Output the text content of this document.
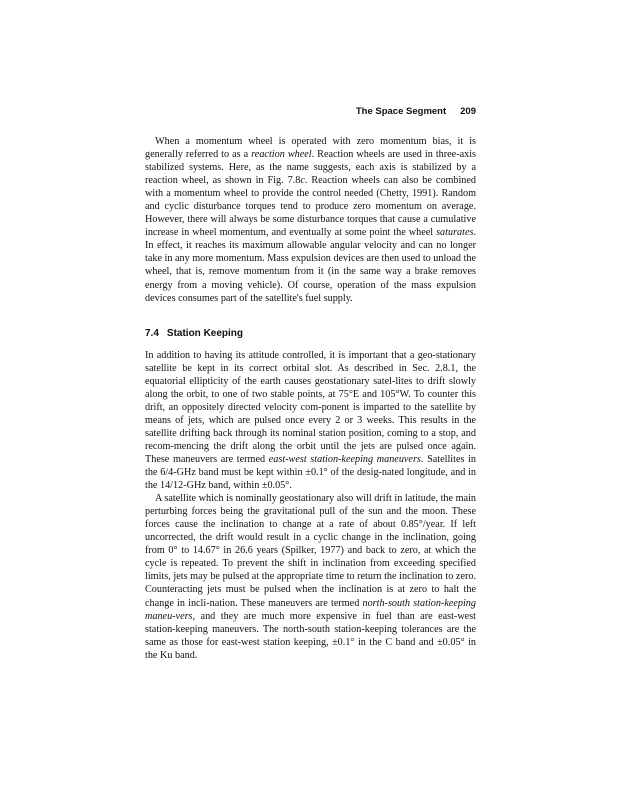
The Space Segment 209

When a momentum wheel is operated with zero momentum bias, it is generally referred to as a reaction wheel. Reaction wheels are used in three-axis stabilized systems. Here, as the name suggests, each axis is stabilized by a reaction wheel, as shown in Fig. 7.8c. Reaction wheels can also be combined with a momentum wheel to provide the control needed (Chetty, 1991). Random and cyclic disturbance torques tend to produce zero momentum on average. However, there will always be some disturbance torques that cause a cumulative increase in wheel momentum, and eventually at some point the wheel saturates. In effect, it reaches its maximum allowable angular velocity and can no longer take in any more momentum. Mass expulsion devices are then used to unload the wheel, that is, remove momentum from it (in the same way a brake removes energy from a moving vehicle). Of course, operation of the mass expulsion devices consumes part of the satellite's fuel supply.

7.4 Station Keeping

In addition to having its attitude controlled, it is important that a geo-stationary satellite be kept in its correct orbital slot. As described in Sec. 2.8.1, the equatorial ellipticity of the earth causes geostationary satel-lites to drift slowly along the orbit, to one of two stable points, at 75°E and 105°W. To counter this drift, an oppositely directed velocity com-ponent is imparted to the satellite by means of jets, which are pulsed once every 2 or 3 weeks. This results in the satellite drifting back through its nominal station position, coming to a stop, and recom-mencing the drift along the orbit until the jets are pulsed once again. These maneuvers are termed east-west station-keeping maneuvers. Satellites in the 6/4-GHz band must be kept within ±0.1° of the desig-nated longitude, and in the 14/12-GHz band, within ±0.05°.

A satellite which is nominally geostationary also will drift in latitude, the main perturbing forces being the gravitational pull of the sun and the moon. These forces cause the inclination to change at a rate of about 0.85°/year. If left uncorrected, the drift would result in a cyclic change in the inclination, going from 0° to 14.67° in 26.6 years (Spilker, 1977) and back to zero, at which the cycle is repeated. To prevent the shift in inclination from exceeding specified limits, jets may be pulsed at the appropriate time to return the inclination to zero. Counteracting jets must be pulsed when the inclination is at zero to halt the change in incli-nation. These maneuvers are termed north-south station-keeping maneu-vers, and they are much more expensive in fuel than are east-west station-keeping maneuvers. The north-south station-keeping tolerances are the same as those for east-west station keeping, ±0.1° in the C band and ±0.05° in the Ku band.
